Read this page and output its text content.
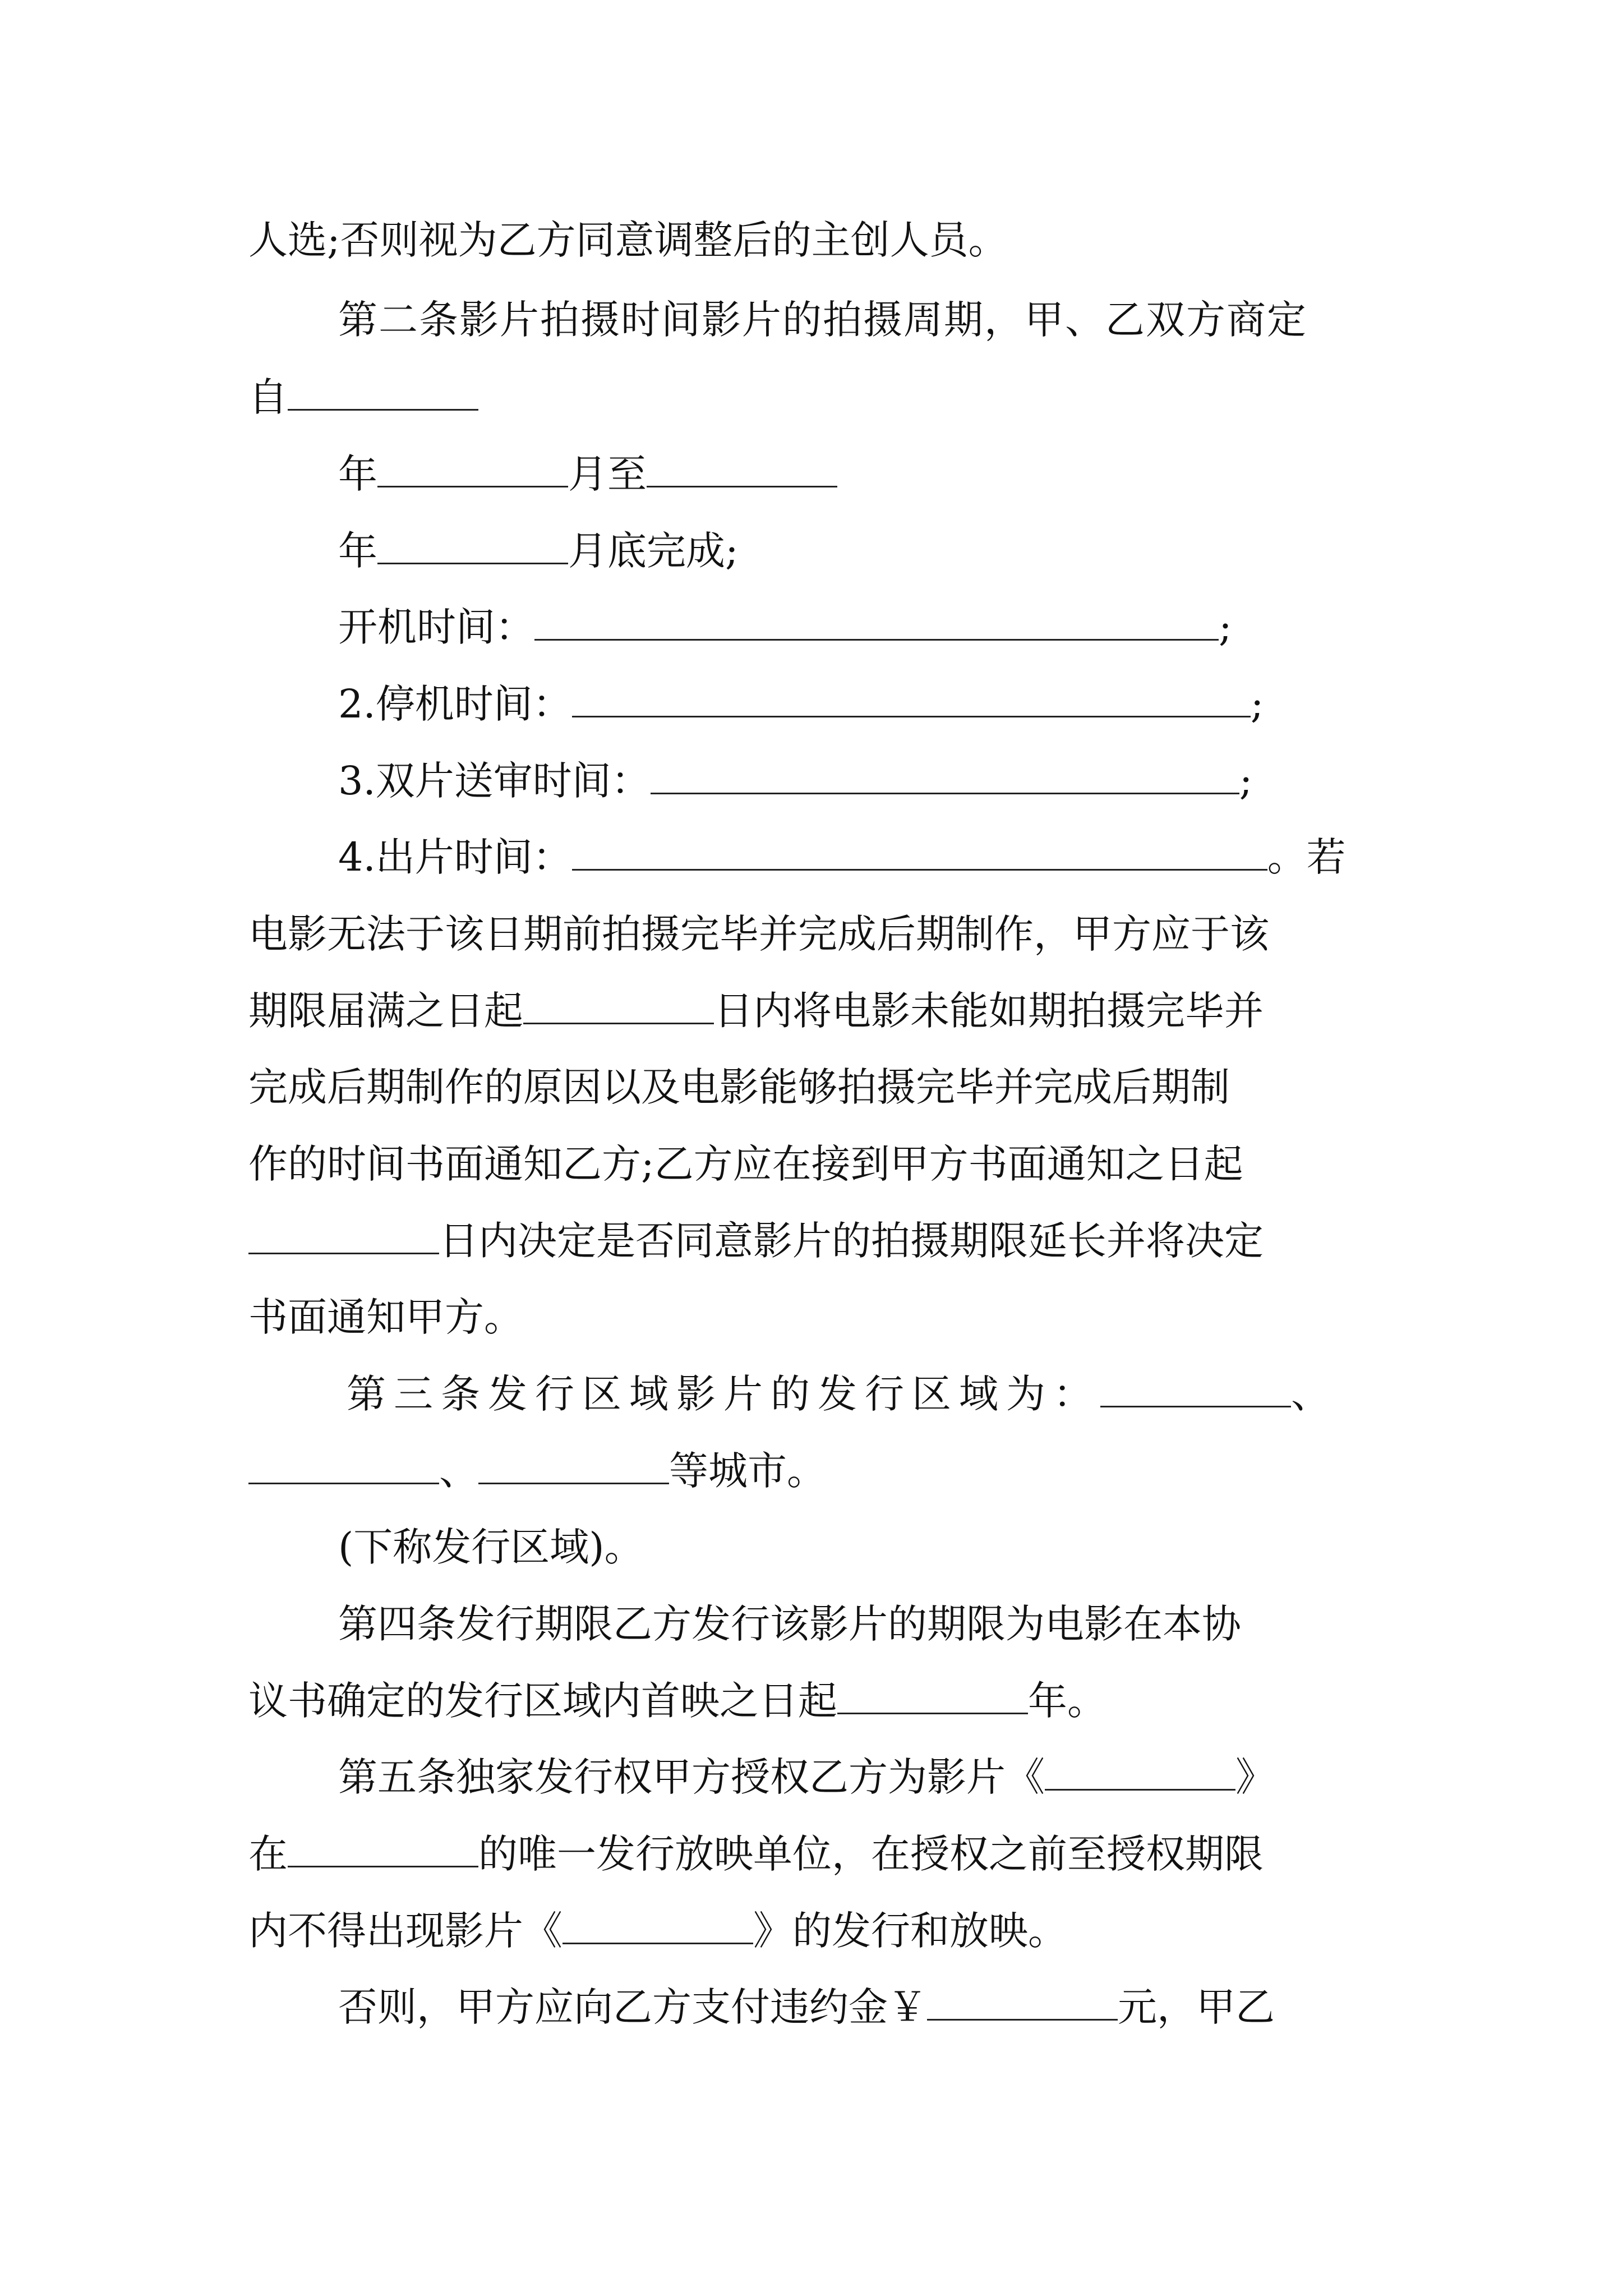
人选;否则视为乙方同意调整后的主创人员。
第二条影片拍摄时间影片的拍摄周期，甲、乙双方商定
自
年	月至
年	月底完成;
开机时间：	;
2.停机时间：	;
3.双片送审时间：	;
4.出片时间：	。若
电影无法于该日期前拍摄完毕并完成后期制作，甲方应于该
期限届满之日起	日内将电影未能如期拍摄完毕并
完成后期制作的原因以及电影能够拍摄完毕并完成后期制
作的时间书面通知乙方;乙方应在接到甲方书面通知之日起
日内决定是否同意影片的拍摄期限延长并将决定
书面通知甲方。
第三条发行区域影片的发行区域为：	、
、	等城市。
(下称发行区域)。
第四条发行期限乙方发行该影片的期限为电影在本协
议书确定的发行区域内首映之日起	年。
第五条独家发行权甲方授权乙方为影片《	》
在	的唯一发行放映单位，在授权之前至授权期限
内不得出现影片《	》的发行和放映。
否则，甲方应向乙方支付违约金￥	元，甲乙
